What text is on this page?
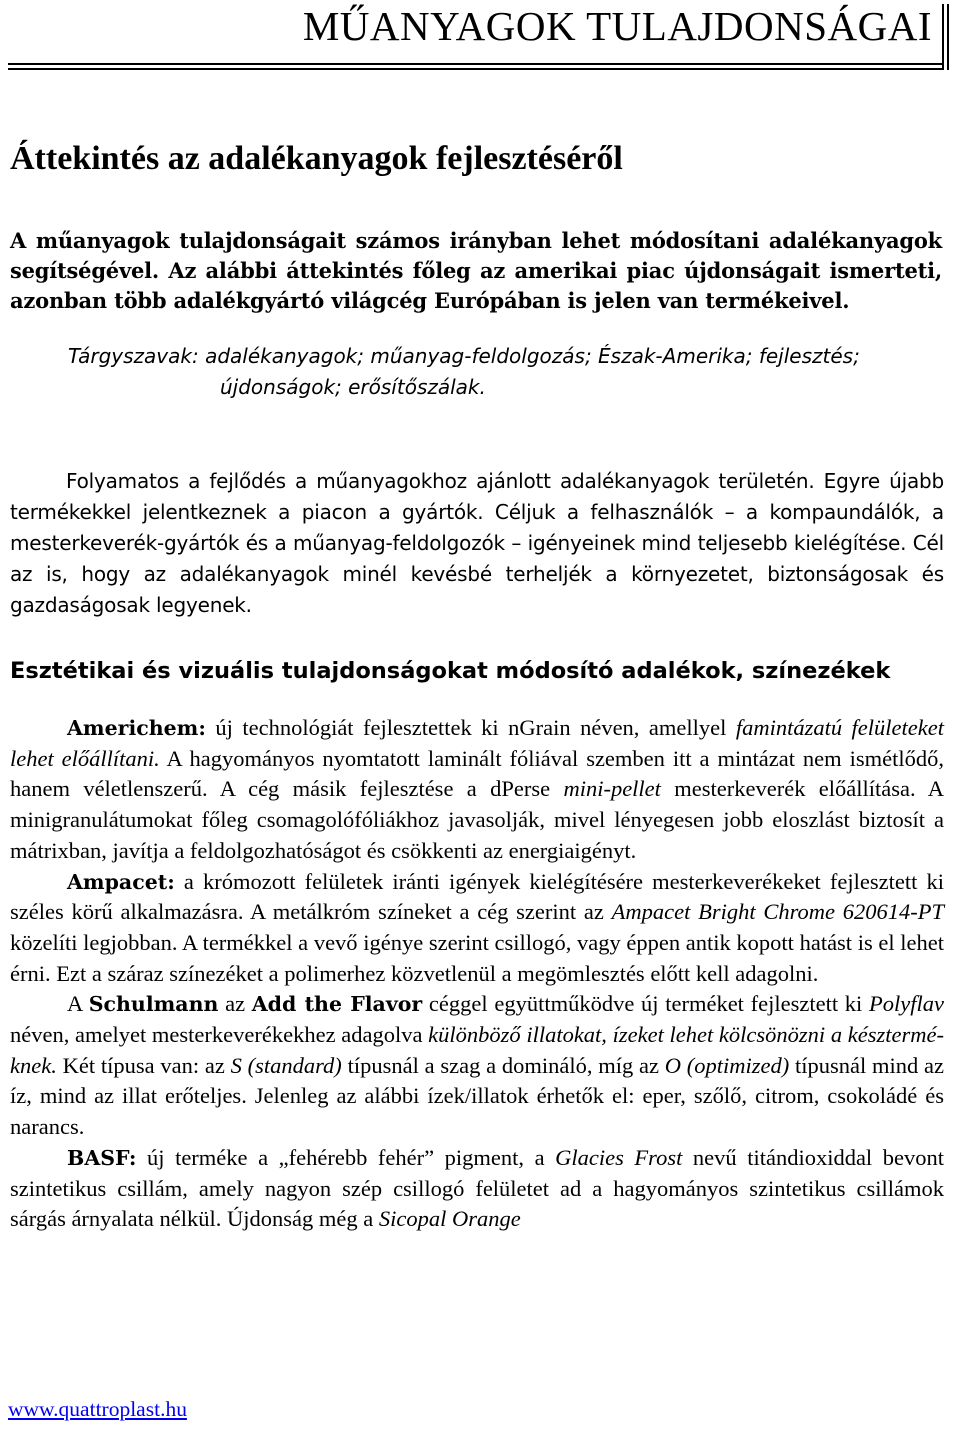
MŰANYAGOK TULAJDONSÁGAI
Áttekintés az adalékanyagok fejlesztéséről
A műanyagok tulajdonságait számos irányban lehet módosítani adalékanyagok segítségével. Az alábbi áttekintés főleg az amerikai piac újdonságait ismerteti, azonban több adalékgyártó világcég Európában is jelen van termékeivel.
Tárgyszavak: adalékanyagok; műanyag-feldolgozás; Észak-Amerika; fejlesztés;
újdonságok; erősítőszálak.
Folyamatos a fejlődés a műanyagokhoz ajánlott adalékanyagok területén. Egyre újabb termékekkel jelentkeznek a piacon a gyártók. Céljuk a felhasználók – a kompaundálók, a mesterkeverék-gyártók és a műanyag-feldolgozók – igényeinek mind teljesebb kielégítése. Cél az is, hogy az adalékanyagok minél kevésbé terheljék a környezetet, biztonságosak és gazdaságosak legyenek.
Esztétikai és vizuális tulajdonságokat módosító adalékok, színezékek

Americhem: új technológiát fejlesztettek ki nGrain néven, amellyel famintázatú felületeket lehet előállítani. A hagyományos nyomtatott laminált fóliával szemben itt a mintázat nem ismétlődő, hanem véletlenszerű. A cég másik fejlesztése a dPerse mini-pellet mesterkeverék előállítása. A minigranulátumokat főleg csomagolófóliákhoz javasolják, mivel lényegesen jobb eloszlást biztosít a mátrixban, javítja a feldolgozhatóságot és csökkenti az energiaigényt.

Ampacet: a krómozott felületek iránti igények kielégítésére mesterkeverékeket fejlesztett ki széles körű alkalmazásra. A metálkróm színeket a cég szerint az Ampacet Bright Chrome 620614-PT közelíti legjobban. A termékkel a vevő igénye szerint csillogó, vagy éppen antik kopott hatást is el lehet érni. Ezt a száraz színezéket a polimerhez közvetlenül a megömlesztés előtt kell adagolni.

A Schulmann az Add the Flavor céggel együttműködve új terméket fejlesztett ki Polyflav néven, amelyet mesterkeverékekhez adagolva különböző illatokat, ízeket lehet kölcsönözni a készterméknek. Két típusa van: az S (standard) típusnál a szag a domináló, míg az O (optimized) típusnál mind az íz, mind az illat erőteljes. Jelenleg az alábbi ízek/illatok érhetők el: eper, szőlő, citrom, csokoládé és narancs.

BASF: új terméke a „fehérebb fehér” pigment, a Glacies Frost nevű titándioxiddal bevont szintetikus csillám, amely nagyon szép csillogó felületet ad a hagyományos szintetikus csillámok sárgás árnyalata nélkül. Újdonság még a Sicopal Orange

www.quattroplast.hu
